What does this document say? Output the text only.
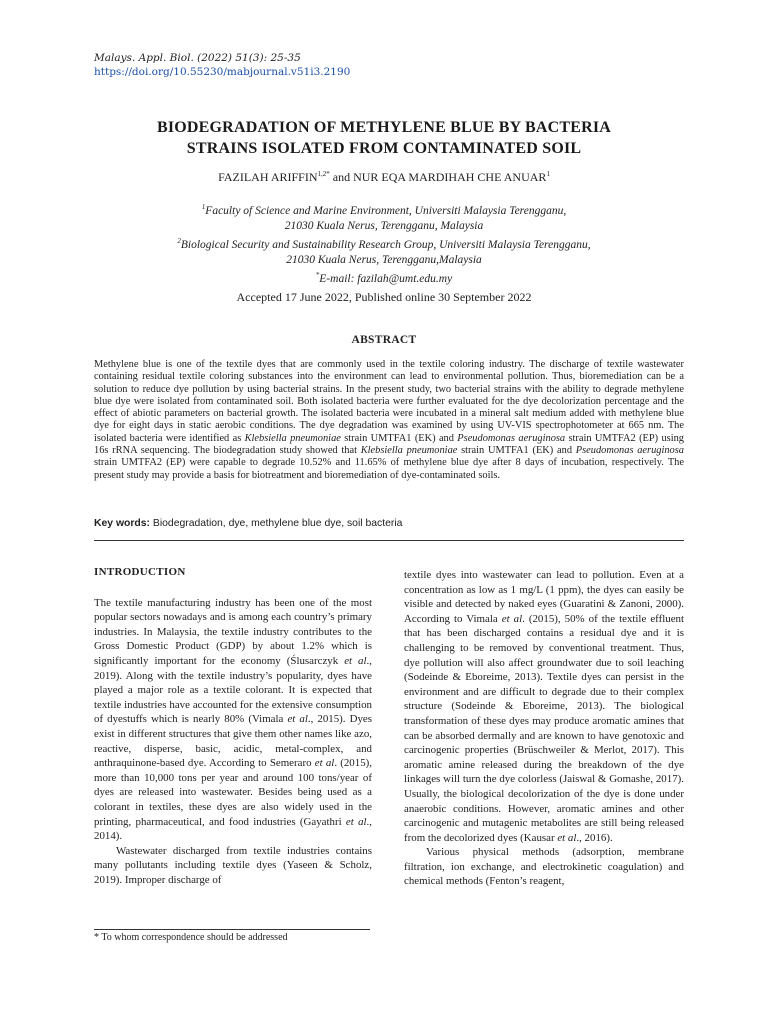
Malays. Appl. Biol. (2022) 51(3): 25-35
https://doi.org/10.55230/mabjournal.v51i3.2190
BIODEGRADATION OF METHYLENE BLUE BY BACTERIA
STRAINS ISOLATED FROM CONTAMINATED SOIL
FAZILAH $ARIFFIN^{1,2*}$ and NUR EQA MARDIHAH CHE ANUAR$^1$
$^1$Faculty of Science and Marine Environment, Universiti Malaysia Terengganu,
21030 Kuala Nerus, Terengganu, Malaysia
$^2$Biological Security and Sustainability Research Group, Universiti Malaysia Terengganu,
21030 Kuala Nerus, Terengganu,Malaysia
*E-mail: fazilah@umt.edu.my
Accepted 17 June 2022, Published online 30 September 2022
ABSTRACT
Methylene blue is one of the textile dyes that are commonly used in the textile coloring industry. The discharge of textile wastewater containing residual textile coloring substances into the environment can lead to environmental pollution. Thus, bioremediation can be a solution to reduce dye pollution by using bacterial strains. In the present study, two bacterial strains with the ability to degrade methylene blue dye were isolated from contaminated soil. Both isolated bacteria were further evaluated for the dye decolorization percentage and the effect of abiotic parameters on bacterial growth. The isolated bacteria were incubated in a mineral salt medium added with methylene blue dye for eight days in static aerobic conditions. The dye degradation was examined by using UV-VIS spectrophotometer at 665 nm. The isolated bacteria were identified as Klebsiella pneumoniae strain UMTFA1 (EK) and Pseudomonas aeruginosa strain UMTFA2 (EP) using 16s rRNA sequencing. The biodegradation study showed that Klebsiella pneumoniae strain UMTFA1 (EK) and Pseudomonas aeruginosa strain UMTFA2 (EP) were capable to degrade 10.52% and 11.65% of methylene blue dye after 8 days of incubation, respectively. The present study may provide a basis for biotreatment and bioremediation of dye-contaminated soils.
Key words: Biodegradation, dye, methylene blue dye, soil bacteria
INTRODUCTION

The textile manufacturing industry has been one of the most popular sectors nowadays and is among each country’s primary industries. In Malaysia, the textile industry contributes to the Gross Domestic Product (GDP) by about 1.2% which is significantly important for the economy (Ślusarczyk et al., 2019). Along with the textile industry’s popularity, dyes have played a major role as a textile colorant. It is expected that textile industries have accounted for the extensive consumption of dyestuffs which is nearly 80% (Vimala et al., 2015). Dyes exist in different structures that give them other names like azo, reactive, disperse, basic, acidic, metal-complex, and anthraquinone-based dye. According to Semeraro et al. (2015), more than 10,000 tons per year and around 100 tons/year of dyes are released into wastewater. Besides being used as a colorant in textiles, these dyes are also widely used in the printing, pharmaceutical, and food industries (Gayathri et al., 2014).

Wastewater discharged from textile industries contains many pollutants including textile dyes (Yaseen & Scholz, 2019). Improper discharge of

textile dyes into wastewater can lead to pollution. Even at a concentration as low as 1 mg/L (1 ppm), the dyes can easily be visible and detected by naked eyes (Guaratini & Zanoni, 2000). According to Vimala et al. (2015), 50% of the textile effluent that has been discharged contains a residual dye and it is challenging to be removed by conventional treatment. Thus, dye pollution will also affect groundwater due to soil leaching (Sodeinde & Eboreime, 2013). Textile dyes can persist in the environment and are difficult to degrade due to their complex structure (Sodeinde & Eboreime, 2013). The biological transformation of these dyes may produce aromatic amines that can be absorbed dermally and are known to have genotoxic and carcinogenic properties (Brüschweiler & Merlot, 2017). This aromatic amine released during the breakdown of the dye linkages will turn the dye colorless (Jaiswal & Gomashe, 2017). Usually, the biological decolorization of the dye is done under anaerobic conditions. However, aromatic amines and other carcinogenic and mutagenic metabolites are still being released from the decolorized dyes (Kausar et al., 2016).

Various physical methods (adsorption, membrane filtration, ion exchange, and electrokinetic coagulation) and chemical methods (Fenton’s reagent,

* To whom correspondence should be addressed
